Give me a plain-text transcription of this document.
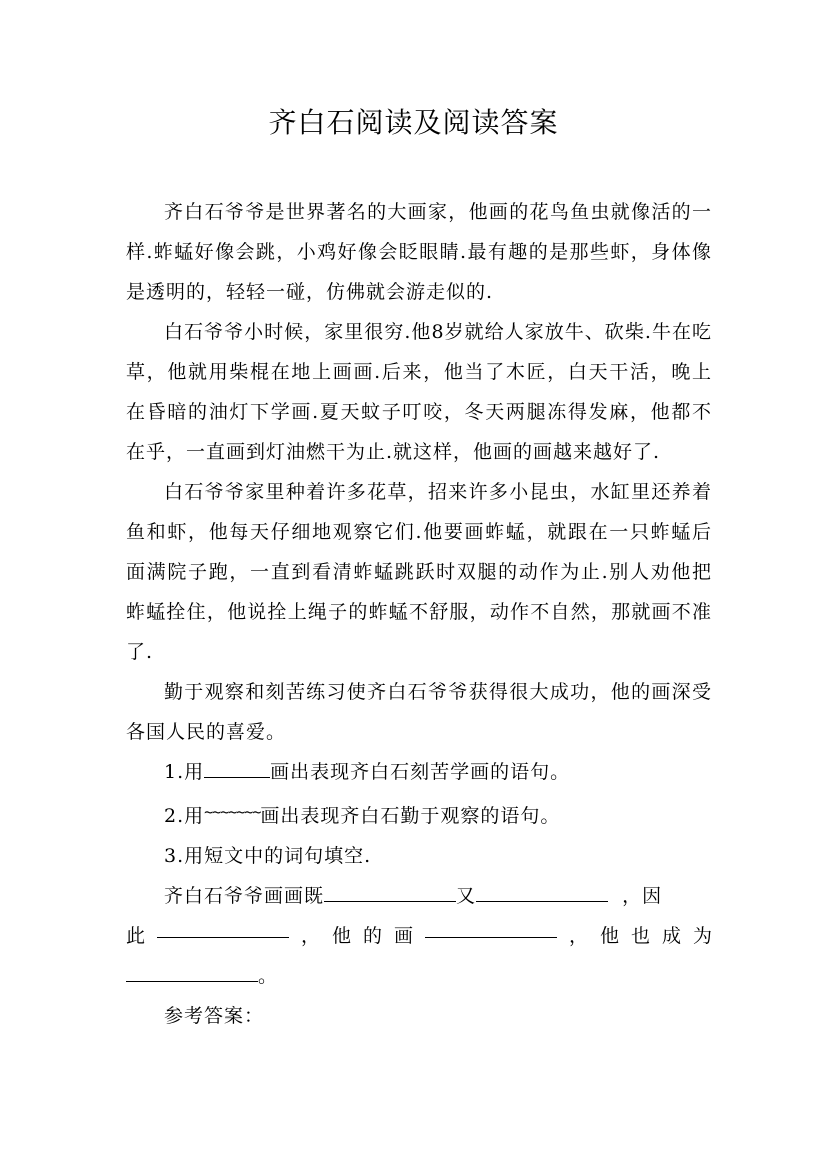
齐白石阅读及阅读答案

齐白石爷爷是世界著名的大画家，他画的花鸟鱼虫就像活的一样.蚱蜢好像会跳，小鸡好像会眨眼睛.最有趣的是那些虾，身体像是透明的，轻轻一碰，仿佛就会游走似的.

白石爷爷小时候，家里很穷.他8岁就给人家放牛、砍柴.牛在吃草，他就用柴棍在地上画画.后来，他当了木匠，白天干活，晚上在昏暗的油灯下学画.夏天蚊子叮咬，冬天两腿冻得发麻，他都不在乎，一直画到灯油燃干为止.就这样，他画的画越来越好了.

白石爷爷家里种着许多花草，招来许多小昆虫，水缸里还养着鱼和虾，他每天仔细地观察它们.他要画蚱蜢，就跟在一只蚱蜢后面满院子跑，一直到看清蚱蜢跳跃时双腿的动作为止.别人劝他把蚱蜢拴住，他说拴上绳子的蚱蜢不舒服，动作不自然，那就画不准了.

勤于观察和刻苦练习使齐白石爷爷获得很大成功，他的画深受各国人民的喜爱。

1.用	画出表现齐白石刻苦学画的语句。

2.用~~~~~~~画出表现齐白石勤于观察的语句。

3.用短文中的词句填空.

齐白石爷爷画画既	又	，因

此	， 他 的 画	， 他 也 成 为

。

参考答案：
